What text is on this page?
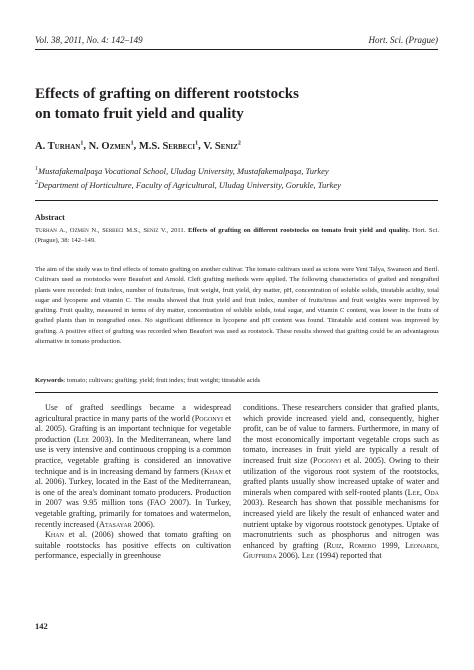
Vol. 38, 2011, No. 4: 142–149	Hort. Sci. (Prague)
Effects of grafting on different rootstocks
on tomato fruit yield and quality
A. Turhan$^1$, N. Ozmen$^1$, M.S. Serbeci$^1$, V. Seniz$^2$
$^1$Mustafakemalpaşa Vocational School, Uludag University, Mustafakemalpaşa, Turkey
$^2$Department of Horticulture, Faculty of Agricultural, Uludag University, Gorukle, Turkey
Abstract
Turhan A., Ozmen N., Serbeci M.S., Seniz V., 2011. Effects of grafting on different rootstocks on tomato fruit yield and quality. Hort. Sci. (Prague), 38: 142–149.
The aim of the study was to find effects of tomato grafting on another cultivar. The tomato cultivars used as scions were Yeni Talya, Swanson and Beril. Cultivars used as rootstocks were Beaufort and Arnold. Cleft grafting methods were applied. The following characteristics of grafted and nongrafted plants were recorded: fruit index, number of fruits/truss, fruit weight, fruit yield, dry matter, pH, concentration of soluble solids, titratable acidity, total sugar and lycopene and vitamin C. The results showed that fruit yield and fruit index, number of fruits/truss and fruit weights were improved by grafting. Fruit quality, measured in terms of dry matter, concentration of soluble solids, total sugar, and vitamin C content, was lower in the fruits of grafted plants than in nongrafted ones. No significant difference in lycopene and pH content was found. Titratable acid content was improved by grafting. A positive effect of grafting was recorded when Beaufort was used as rootstock. These results showed that grafting could be an advantageous alternative in tomato production.
Keywords: tomato; cultivars; grafting; yield; fruit index; fruit weight; titratable acids

Use of grafted seedlings became a widespread agricultural practice in many parts of the world (Pogonyi et al. 2005). Grafting is an important technique for vegetable production (Lee 2003). In the Mediterranean, where land use is very intensive and continuous cropping is a common practice, vegetable grafting is considered an innovative technique and is in increasing demand by farmers (Khan et al. 2006). Turkey, located in the East of the Mediterranean, is one of the area's dominant tomato producers. Production in 2007 was 9.95 million tons (FAO 2007). In Turkey, vegetable grafting, primarily for tomatoes and watermelon, recently increased (Atasayar 2006).

Khan et al. (2006) showed that tomato grafting on suitable rootstocks has positive effects on cultivation performance, especially in greenhouse

conditions. These researchers consider that grafted plants, which provide increased yield and, consequently, higher profit, can be of value to farmers. Furthermore, in many of the most economically important vegetable crops such as tomato, increases in fruit yield are typically a result of increased fruit size (Pogonyi et al. 2005). Owing to their utilization of the vigorous root system of the rootstocks, grafted plants usually show increased uptake of water and minerals when compared with self-rooted plants (Lee, Oda 2003). Research has shown that possible mechanisms for increased yield are likely the result of enhanced water and nutrient uptake by vigorous rootstock genotypes. Uptake of macronutrients such as phosphorus and nitrogen was enhanced by grafting (Ruiz, Romero 1999, Leonardi, Giuffrida 2006). Lee (1994) reported that

142
